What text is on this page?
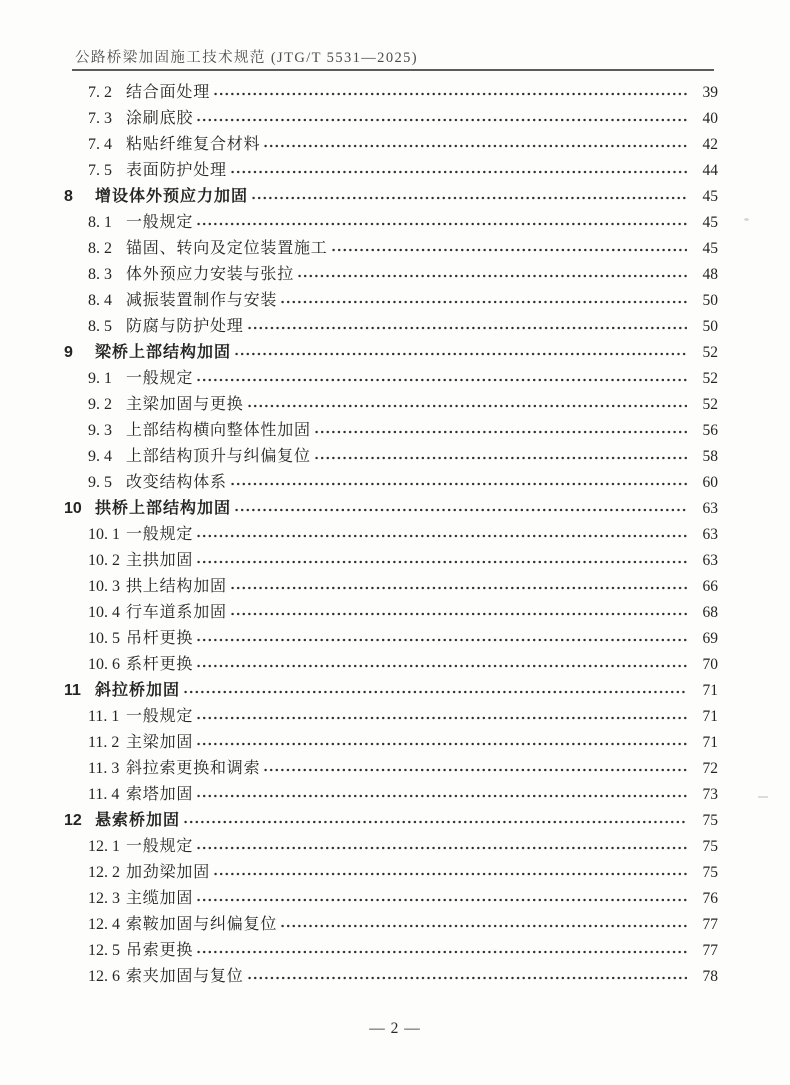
公路桥梁加固施工技术规范 (JTG/T 5531—2025)
7. 2 结合面处理	39
7. 3 涂刷底胶	40
7. 4 粘贴纤维复合材料	42
7. 5 表面防护处理	44
8	增设体外预应力加固	45
8. 1 一般规定	45
8. 2 锚固、转向及定位装置施工	45
8. 3 体外预应力安装与张拉	48
8. 4 减振装置制作与安装	50
8. 5 防腐与防护处理	50
9	梁桥上部结构加固	52
9. 1 一般规定	52
9. 2 主梁加固与更换	52
9. 3 上部结构横向整体性加固	56
9. 4 上部结构顶升与纠偏复位	58
9. 5 改变结构体系	60
10 拱桥上部结构加固	63
10. 1 一般规定	63
10. 2 主拱加固	63
10. 3 拱上结构加固	66
10. 4 行车道系加固	68
10. 5 吊杆更换	69
10. 6 系杆更换	70
11 斜拉桥加固	71
11. 1 一般规定	71
11. 2 主梁加固	71
11. 3 斜拉索更换和调索	72
11. 4 索塔加固	73
12 悬索桥加固	75
12. 1 一般规定	75
12. 2 加劲梁加固	75
12. 3 主缆加固	76
12. 4 索鞍加固与纠偏复位	77
12. 5 吊索更换	77
12. 6 索夹加固与复位	78
— 2 —
